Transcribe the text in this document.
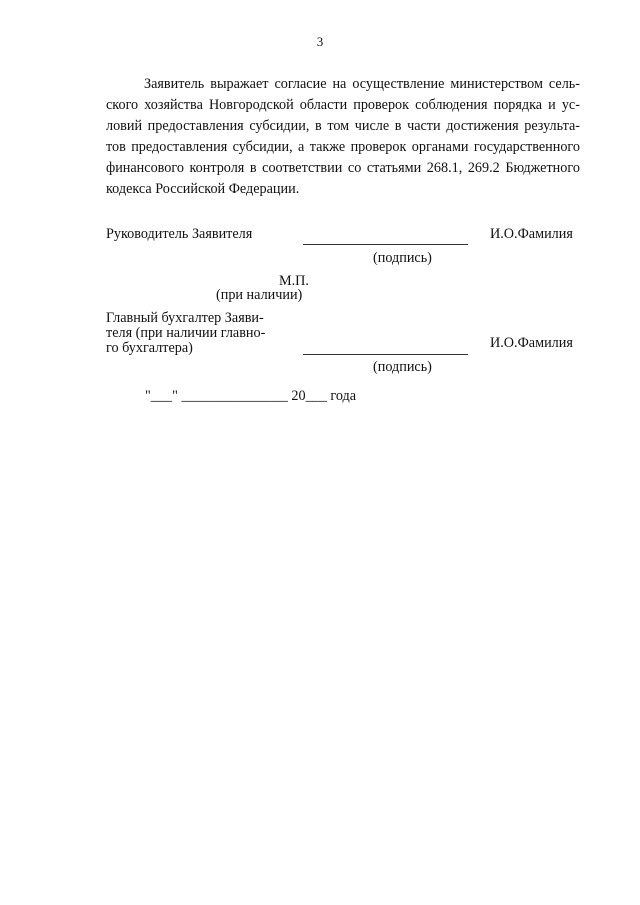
3
Заявитель выражает согласие на осуществление министерством сель-
ского хозяйства Новгородской области проверок соблюдения порядка и ус-
ловий предоставления субсидии, в том числе в части достижения результа-
тов предоставления субсидии, а также проверок органами государственного
финансового контроля в соответствии со статьями 268.1, 269.2 Бюджетного
кодекса Российской Федерации.
Руководитель Заявителя	И.О.Фамилия
(подпись)
М.П.
(при наличии)
Главный бухгалтер Заяви-
теля (при наличии главно-
го бухгалтера)	И.О.Фамилия
(подпись)
"___" _______________ 20___ года
